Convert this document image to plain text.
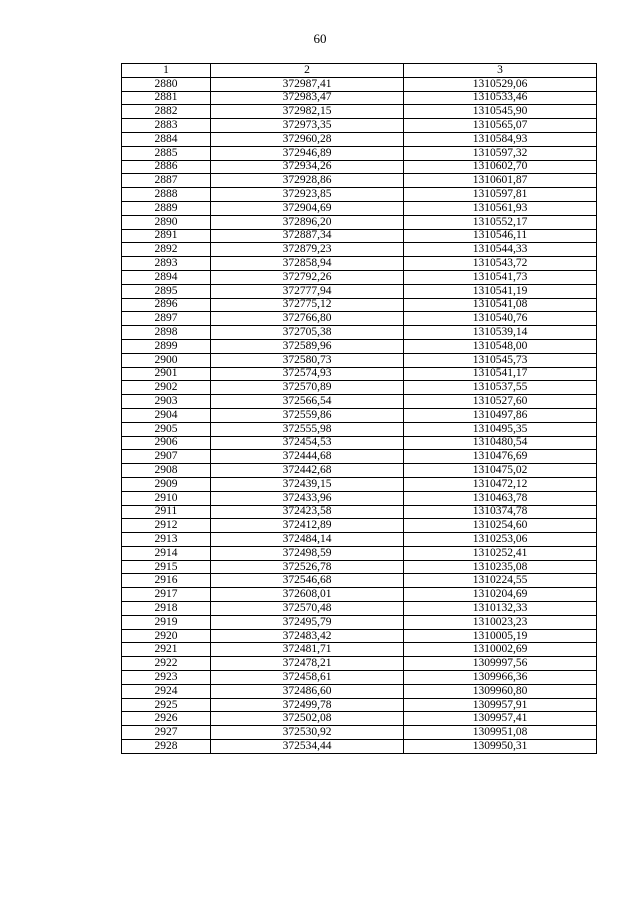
60
1	2	3
2880	372987,41	1310529,06
2881	372983,47	1310533,46
2882	372982,15	1310545,90
2883	372973,35	1310565,07
2884	372960,28	1310584,93
2885	372946,89	1310597,32
2886	372934,26	1310602,70
2887	372928,86	1310601,87
2888	372923,85	1310597,81
2889	372904,69	1310561,93
2890	372896,20	1310552,17
2891	372887,34	1310546,11
2892	372879,23	1310544,33
2893	372858,94	1310543,72
2894	372792,26	1310541,73
2895	372777,94	1310541,19
2896	372775,12	1310541,08
2897	372766,80	1310540,76
2898	372705,38	1310539,14
2899	372589,96	1310548,00
2900	372580,73	1310545,73
2901	372574,93	1310541,17
2902	372570,89	1310537,55
2903	372566,54	1310527,60
2904	372559,86	1310497,86
2905	372555,98	1310495,35
2906	372454,53	1310480,54
2907	372444,68	1310476,69
2908	372442,68	1310475,02
2909	372439,15	1310472,12
2910	372433,96	1310463,78
2911	372423,58	1310374,78
2912	372412,89	1310254,60
2913	372484,14	1310253,06
2914	372498,59	1310252,41
2915	372526,78	1310235,08
2916	372546,68	1310224,55
2917	372608,01	1310204,69
2918	372570,48	1310132,33
2919	372495,79	1310023,23
2920	372483,42	1310005,19
2921	372481,71	1310002,69
2922	372478,21	1309997,56
2923	372458,61	1309966,36
2924	372486,60	1309960,80
2925	372499,78	1309957,91
2926	372502,08	1309957,41
2927	372530,92	1309951,08
2928	372534,44	1309950,31
